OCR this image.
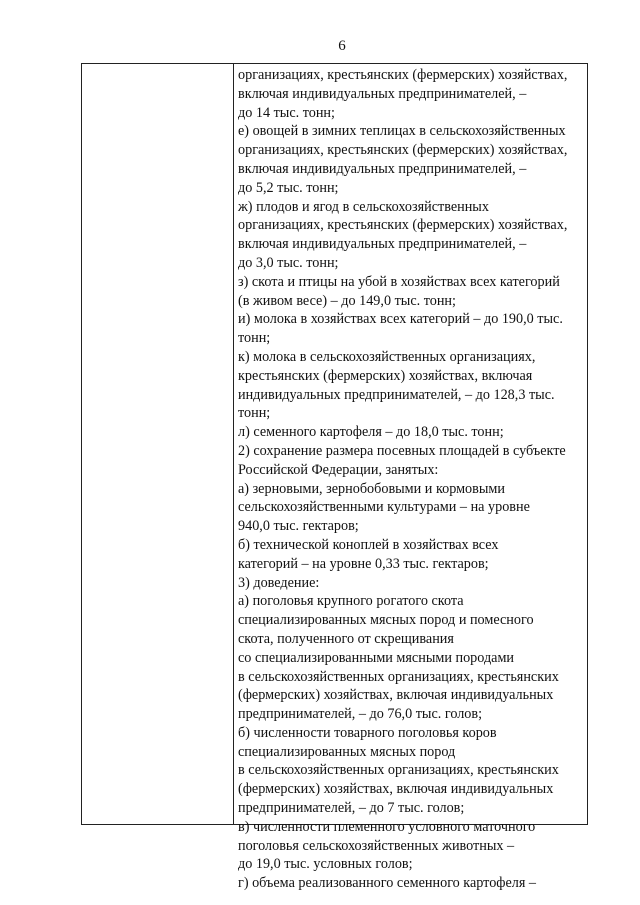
6
организациях, крестьянских (фермерских) хозяйствах,
включая индивидуальных предпринимателей, –
до 14 тыс. тонн;
е) овощей в зимних теплицах в сельскохозяйственных
организациях, крестьянских (фермерских) хозяйствах,
включая индивидуальных предпринимателей, –
до 5,2 тыс. тонн;
ж) плодов и ягод в сельскохозяйственных
организациях, крестьянских (фермерских) хозяйствах,
включая индивидуальных предпринимателей, –
до 3,0 тыс. тонн;
з) скота и птицы на убой в хозяйствах всех категорий
(в живом весе) – до 149,0 тыс. тонн;
и) молока в хозяйствах всех категорий – до 190,0 тыс.
тонн;
к) молока в сельскохозяйственных организациях,
крестьянских (фермерских) хозяйствах, включая
индивидуальных предпринимателей, – до 128,3 тыс.
тонн;
л) семенного картофеля – до 18,0 тыс. тонн;
2) сохранение размера посевных площадей в субъекте
Российской Федерации, занятых:
а) зерновыми, зернобобовыми и кормовыми
сельскохозяйственными культурами – на уровне
940,0 тыс. гектаров;
б) технической коноплей в хозяйствах всех
категорий – на уровне 0,33 тыс. гектаров;
3) доведение:
а) поголовья крупного рогатого скота
специализированных мясных пород и помесного
скота, полученного от скрещивания
со специализированными мясными породами
в сельскохозяйственных организациях, крестьянских
(фермерских) хозяйствах, включая индивидуальных
предпринимателей, – до 76,0 тыс. голов;
б) численности товарного поголовья коров
специализированных мясных пород
в сельскохозяйственных организациях, крестьянских
(фермерских) хозяйствах, включая индивидуальных
предпринимателей, – до 7 тыс. голов;
в) численности племенного условного маточного
поголовья сельскохозяйственных животных –
до 19,0 тыс. условных голов;
г) объема реализованного семенного картофеля –
